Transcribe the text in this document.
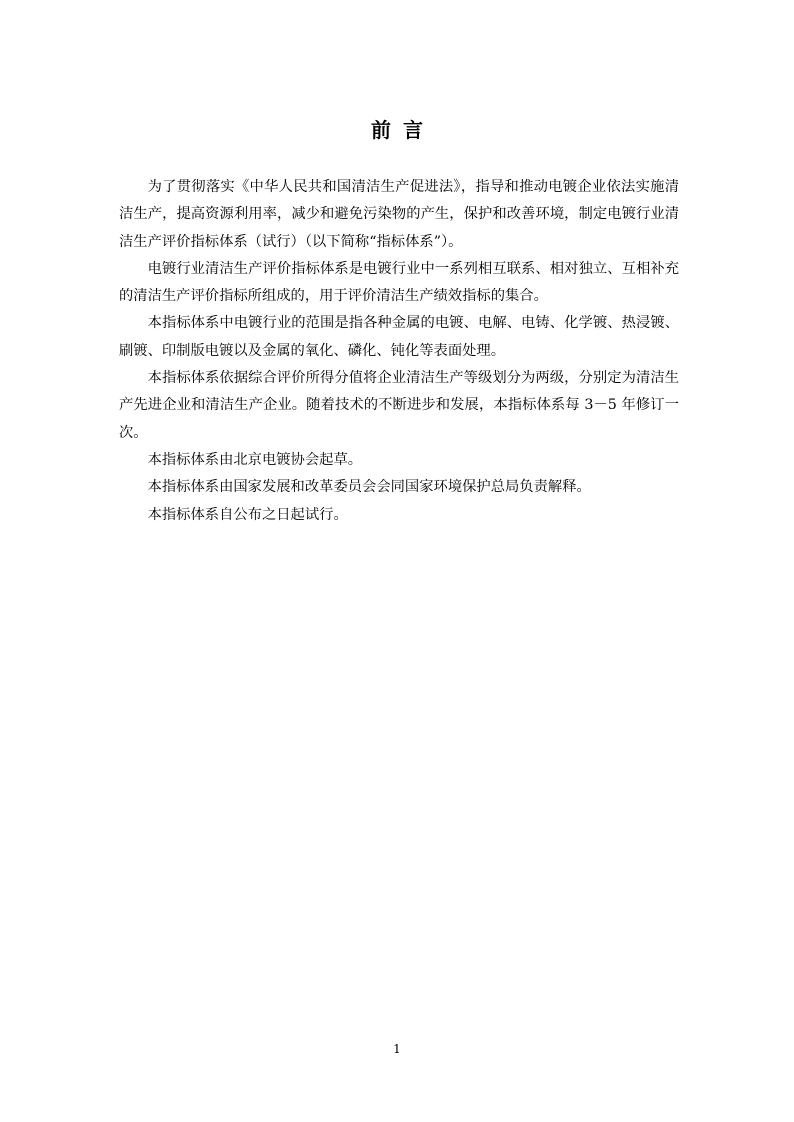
前言

为了贯彻落实《中华人民共和国清洁生产促进法》，指导和推动电镀企业依法实施清洁生产，提高资源利用率，减少和避免污染物的产生，保护和改善环境，制定电镀行业清洁生产评价指标体系（试行）（以下简称“指标体系”）。

电镀行业清洁生产评价指标体系是电镀行业中一系列相互联系、相对独立、互相补充的清洁生产评价指标所组成的，用于评价清洁生产绩效指标的集合。

本指标体系中电镀行业的范围是指各种金属的电镀、电解、电铸、化学镀、热浸镀、刷镀、印制版电镀以及金属的氧化、磷化、钝化等表面处理。

本指标体系依据综合评价所得分值将企业清洁生产等级划分为两级，分别定为清洁生产先进企业和清洁生产企业。随着技术的不断进步和发展，本指标体系每 3－5 年修订一次。

本指标体系由北京电镀协会起草。

本指标体系由国家发展和改革委员会会同国家环境保护总局负责解释。

本指标体系自公布之日起试行。

1
